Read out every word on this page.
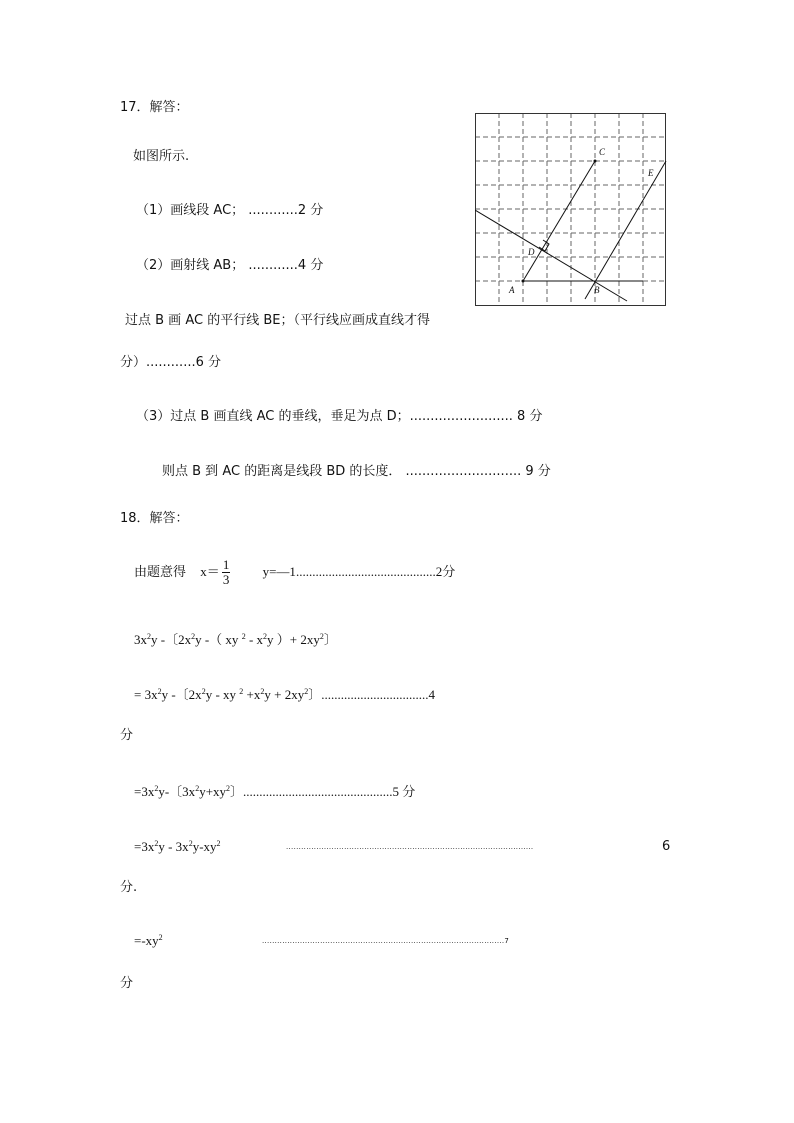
17．解答：
如图所示.
（1）画线段 AC； ............2 分
（2）画射线 AB； ............4 分
过点 B 画 AC 的平行线 BE；（平行线应画成直线才得
分）............6 分
（3）过点 B 画直线 AC 的垂线，垂足为点 D；......................... 8 分
则点 B 到 AC 的距离是线段 BD 的长度． ............................ 9 分
C
E
D
A	B
18．解答：
由题意得 $x= \frac{1}{3}$ y=—1...........................................2分
$3x^2y$ -〔$2x^2y$ -（ xy $^2 - x^2y$ ）+ $2xy^2$〕
= $3x^2y$ -〔$2x^2y$ - xy $^2 +x^2y + 2xy^2$〕.................................4
分
$=3x^2y-$〔$3x^2y+xy^2$〕..............................................5 分
$=3x^2y - 3x^2y-xy^2$	..................................................................................................	6
分.
$=-xy^2$	................................................................................................7
分
